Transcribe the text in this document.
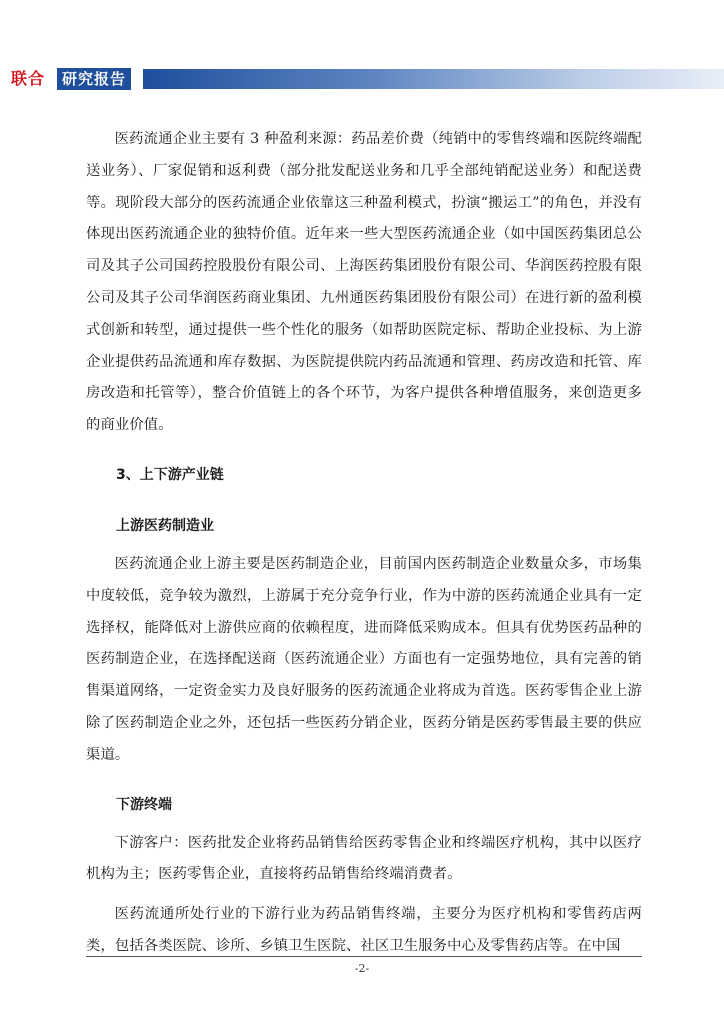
联合	研究报告

医药流通企业主要有 3 种盈利来源：药品差价费（纯销中的零售终端和医院终端配送业务）、厂家促销和返利费（部分批发配送业务和几乎全部纯销配送业务）和配送费等。现阶段大部分的医药流通企业依靠这三种盈利模式，扮演“搬运工”的角色，并没有体现出医药流通企业的独特价值。近年来一些大型医药流通企业（如中国医药集团总公司及其子公司国药控股股份有限公司、上海医药集团股份有限公司、华润医药控股有限公司及其子公司华润医药商业集团、九州通医药集团股份有限公司）在进行新的盈利模式创新和转型，通过提供一些个性化的服务（如帮助医院定标、帮助企业投标、为上游企业提供药品流通和库存数据、为医院提供院内药品流通和管理、药房改造和托管、库房改造和托管等），整合价值链上的各个环节，为客户提供各种增值服务，来创造更多的商业价值。

3、上下游产业链
上游医药制造业

医药流通企业上游主要是医药制造企业，目前国内医药制造企业数量众多，市场集中度较低，竞争较为激烈，上游属于充分竞争行业，作为中游的医药流通企业具有一定选择权，能降低对上游供应商的依赖程度，进而降低采购成本。但具有优势医药品种的医药制造企业，在选择配送商（医药流通企业）方面也有一定强势地位，具有完善的销售渠道网络，一定资金实力及良好服务的医药流通企业将成为首选。医药零售企业上游除了医药制造企业之外，还包括一些医药分销企业，医药分销是医药零售最主要的供应渠道。

下游终端

下游客户：医药批发企业将药品销售给医药零售企业和终端医疗机构，其中以医疗机构为主；医药零售企业，直接将药品销售给终端消费者。

医药流通所处行业的下游行业为药品销售终端，主要分为医疗机构和零售药店两类，包括各类医院、诊所、乡镇卫生医院、社区卫生服务中心及零售药店等。在中国

-2-
